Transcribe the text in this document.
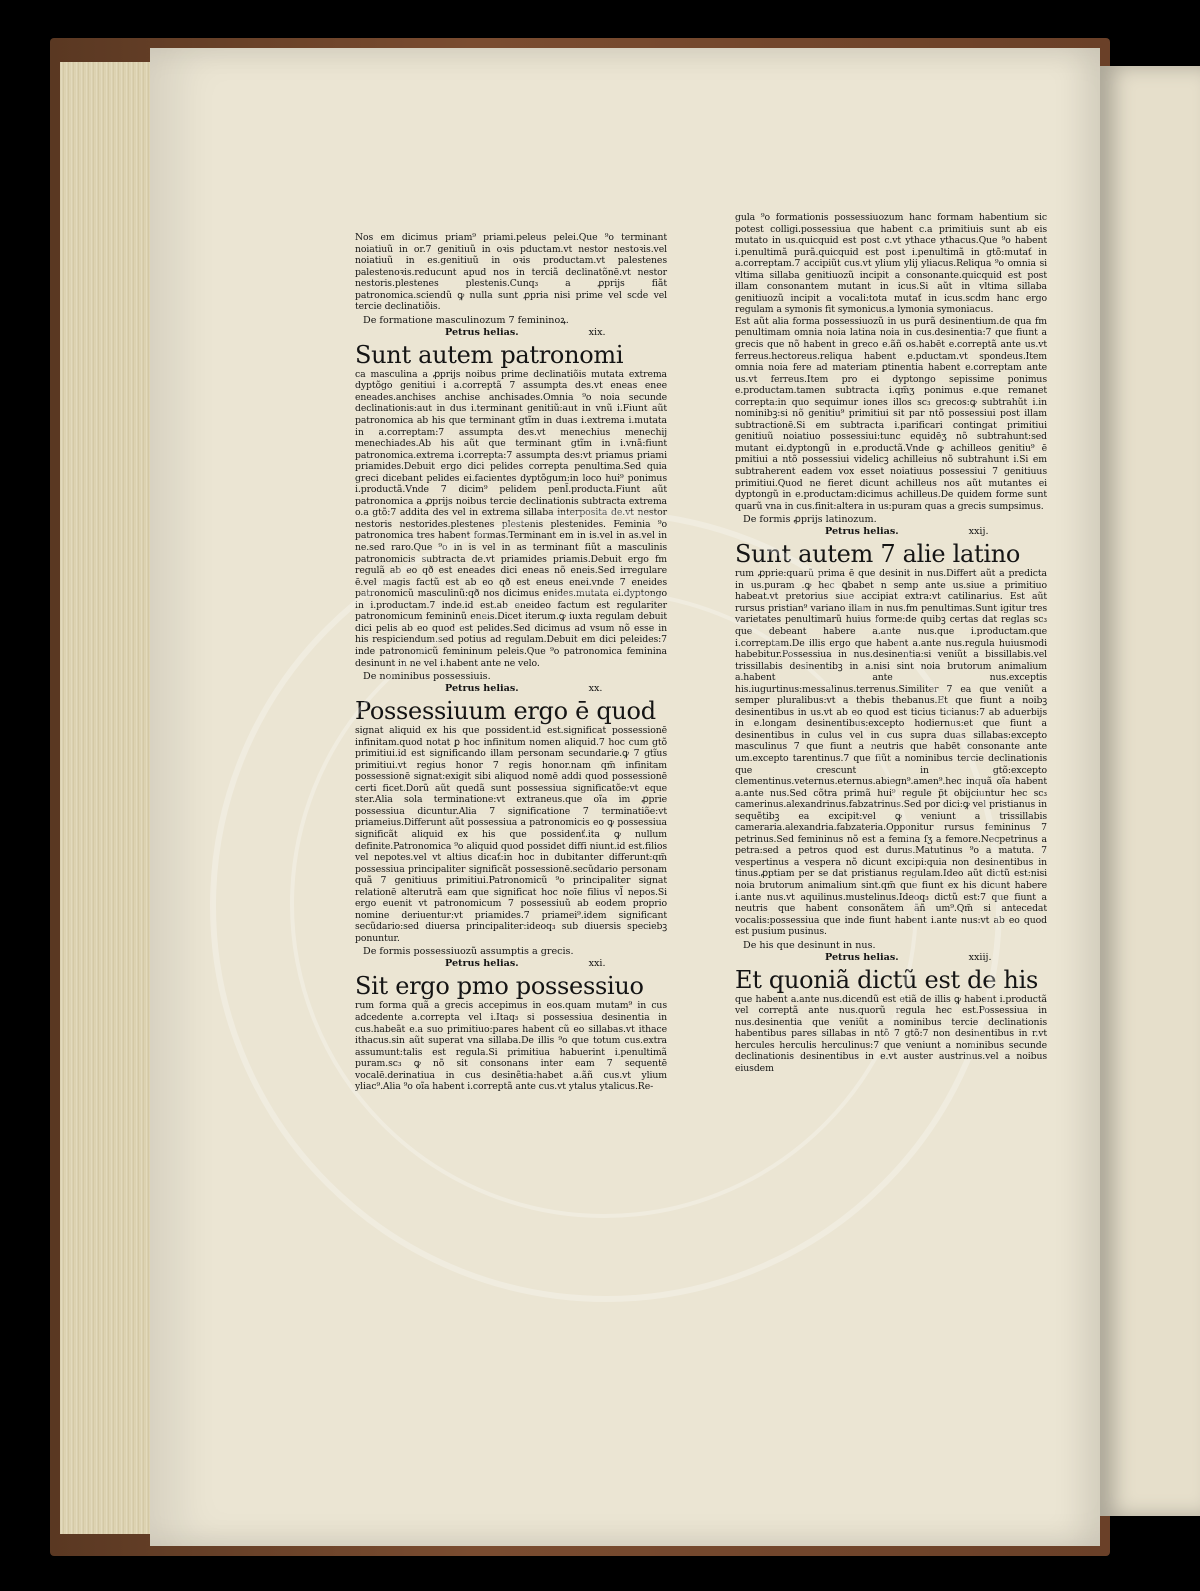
Nos em dicimus priam⁹ priami.peleus pelei.Que ⁹o terminant noiatiuũ in or.7 genitiuũ in oꝛis pductam.vt nestor nestoꝛis.vel noiatiuũ in es.genitiuũ in oꝛis productam.vt palestenes palestenoꝛis.reducunt apud nos in terciã declinatõnē.vt nestor nestoris.plestenes plestenis.Cunq₃ a ꝓprijs fiãt patronomica.sciendũ ꝙ nulla sunt ꝓpria nisi prime vel scḋe vel tercie declinatiõis.

De formatione masculinozum 7 femininoꝝ.
Petrus helias.	xix.
Sunt autem patronomi

ca masculina a ꝓprijs noibus prime declinatiõis mutata extrema dyptõgo genitiui i a.correptã 7 assumpta des.vt eneas enee eneades.anchises anchise anchisades.Omnia ⁹o noia secunde declinationis:aut in dus i.terminant genitiũ:aut in vnũ i.Fiunt aũt patronomica ab his que terminant gtĩm in duas i.extrema i.mutata in a.correptam:7 assumpta des.vt menechius menechij menechiades.Ab his aũt que terminant gtĩm in i.vnã:fiunt patronomica.extrema i.correpta:7 assumpta des:vt priamus priami priamides.Debuit ergo dici pelides correpta penultima.Sed quia greci dicebant pelides ei.facientes dyptõgum:in loco hui⁹ ponimus i.productã.Vnde 7 dicim⁹ pelidem penl̃.producta.Fiunt aũt patronomica a ꝓprijs noibus tercie declinationis subtracta extrema o.a gtõ:7 addita des vel in extrema sillaba interposita de.vt nestor nestoris nestorides.plestenes plestenis plestenides. Feminia ⁹o patronomica tres habent formas.Terminant em in is.vel in as.vel in ne.sed raro.Que ⁹o in is vel in as terminant fiũt a masculinis patronomicis subtracta de.vt priamides priamis.Debuit ergo fm regulã ab eo qð est eneades dici eneas nõ eneis.Sed irregulare ē.vel magis factũ est ab eo qð est eneus enei.vnde 7 eneides patronomicũ masculinũ:qð nos dicimus enides.mutata ei.dyptongo in i.productam.7 inde.id est.ab eneideo factum est regulariter patronomicum femininũ eneis.Dicet iterum.ꝙ iuxta regulam debuit dici pelis ab eo quod est pelides.Sed dicimus ad vsum nõ esse in his respiciendum.sed potius ad regulam.Debuit em dici peleides:7 inde patronomicũ femininum peleis.Que ⁹o patronomica feminina desinunt in ne vel i.habent ante ne velo.

De nominibus possessiuis.
Petrus helias.	xx.
Possessiuum ergo ē quod

signat aliquid ex his que possident.id est.significat possessionē infinitam.quod notat ꝑ hoc infinitum nomen aliquid.7 hoc cum gtõ primitiui.id est significando illam personam secundarie.ꝙ 7 gtĩus primitiui.vt regius honor 7 regis honor.nam qm̃ infinitam possessionē signat:exigit sibi aliquod nomē addi quod possessionē certi ficet.Dorũ aũt quedã sunt possessiua significatõe:vt eque ster.Alia sola terminatione:vt extraneus.que oĩa im ꝓprie possessiua dicuntur.Alia 7 significatione 7 terminatiõe:vt priameius.Differunt aũt possessiua a patronomicis eo ꝙ possessiua significãt aliquid ex his que possidenť.ita ꝙ nullum definite.Patronomica ⁹o aliquid quod possidet diffi niunt.id est.filios vel nepotes.vel vt altius dicať:in hoc in dubitanter differunt:qm̃ possessiua principaliter significãt possessionē.secũdario personam quã 7 genitiuus primitiui.Patronomicũ ⁹o principaliter signat relationē alterutrã eam que significat hoc noīe filius vl̃ nepos.Si ergo euenit vt patronomicum 7 possessiuũ ab eodem proprio nomine deriuentur:vt priamides.7 priamei⁹.idem significant secũdario:sed diuersa principaliter:ideoq₃ sub diuersis speciebꝫ ponuntur.

De formis possessiuozũ assumptis a grecis.
Petrus helias.	xxi.
Sit ergo pmo possessiuo

rum forma quã a grecis accepimus in eos.quam mutam⁹ in cus adcedente a.correpta vel i.Itaq₃ si possessiua desinentia in cus.habeãt e.a suo primitiuo:pares habent cũ eo sillabas.vt ithace ithacus.sin aũt superat vna sillaba.De illis ⁹o que totum cus.extra assumunt:talis est regula.Si primitiua habuerint i.penultimã puram.sc₃ ꝙ nõ sit consonans inter eam 7 sequentē vocalē.derinatiua in cus desinẽtia:habet a.ãñ cus.vt ylium yliac⁹.Alia ⁹o oĩa habent i.correptã ante cus.vt ytalus ytalicus.Re-

gula ⁹o formationis possessiuozum hanc formam habentium sic potest colligi.possessiua que habent c.a primitiuis sunt ab eis mutato in us.quicquid est post c.vt ythace ythacus.Que ⁹o habent i.penultimã purã.quicquid est post i.penultimã in gtõ:mutať in a.correptam.7 accipiũt cus.vt ylium ylij yliacus.Reliqua ⁹o omnia si vltima sillaba genitiuozũ incipit a consonante.quicquid est post illam consonantem mutant in icus.Si aũt in vltima sillaba genitiuozũ incipit a vocali:tota mutať in icus.scḋm hanc ergo regulam a symonis fit symonicus.a lymonia symoniacus.

Est aũt alia forma possessiuozũ in us purã desinentium.de qua fm penultimam omnia noia latina noia in cus.desinentia:7 que fiunt a grecis que nõ habent in greco e.ãñ os.habēt e.correptã ante us.vt ferreus.hectoreus.reliqua habent e.pductam.vt spondeus.Item omnia noia fere ad materiam ꝑtinentia habent e.correptam ante us.vt ferreus.Item pro ei dyptongo sepissime ponimus e.productam.tamen subtracta i.qm̃ʒ ponimus e.que remanet correpta:in quo sequimur iones illos sc₃ grecos:ꝙ subtrahũt i.in nominibꝫ:si nõ genitiu⁹ primitiui sit par ntõ possessiui post illam subtractionē.Si em subtracta i.parificari contingat primitiui genitiuũ noiatiuo possessiui:tunc equidēʒ nõ subtrahunt:sed mutant ei.dyptongũ in e.productã.Vnde ꝙ achilleos genitiu⁹ ē pmitiui a ntõ possessiui videlicꝫ achilleius nõ subtrahunt i.Si em subtraherent eadem vox esset noiatiuus possessiui 7 genitiuus primitiui.Quod ne fieret dicunt achilleus nos aũt mutantes ei dyptongũ in e.productam:dicimus achilleus.De quidem forme sunt quarũ vna in cus.finit:altera in us:puram quas a grecis sumpsimus.

De formis ꝓprijs latinozum.
Petrus helias.	xxij.
Sunt autem 7 alie latino

rum ꝓprie:quarũ prima ē que desinit in nus.Differt aũt a predicta in us.puram .ꝙ hec ꝗbabet n semp ante us.siue a primitiuo habeat.vt pretorius siue accipiat extra:vt catilinarius. Est aũt rursus pristian⁹ variano illam in nus.fm penultimas.Sunt igitur tres varietates penultimarũ huius forme:de quibꝫ certas dat reglas sc₃ que debeant habere a.ante nus.que i.productam.que i.correptam.De illis ergo que habent a.ante nus.regula huiusmodi habebitur.Possessiua in nus.desinentia:si veniũt a bissillabis.vel trissillabis desinentibꝫ in a.nisi sint noia brutorum animalium a.habent ante nus.exceptis his.iugurtinus:messalinus.terrenus.Similiter 7 ea que veniũt a semper pluralibus:vt a thebis thebanus.Et que fiunt a noibꝫ desinentibus in us.vt ab eo quod est ticius ticianus:7 ab aduerbijs in e.longam desinentibus:excepto hodiernus:et que fiunt a desinentibus in culus vel in cus supra duas sillabas:excepto masculinus 7 que fiunt a neutris que habēt consonante ante um.excepto tarentinus.7 que fiũt a nominibus tercie declinationis que crescunt in gtõ:excepto clementinus.veternus.eternus.abiegn⁹.amen⁹.hec inquã oĩa habent a.ante nus.Sed cõtra primã hui⁹ regule p̃t obijciuntur hec sc₃ camerinus.alexandrinus.fabzatrinus.Sed por dici:ꝙ vel pristianus in sequẽtibꝫ ea excipit:vel ꝙ veniunt a trissillabis cameraria.alexandria.fabzateria.Opponitur rursus femininus 7 petrinus.Sed femininus nõ est a femina ſʒ a femore.Necpetrinus a petra:sed a petros quod est durus.Matutinus ⁹o a matuta. 7 vespertinus a vespera nõ dicunt excipi:quia non desinentibus in tinus.ꝓptiam per se dat pristianus regulam.Ideo aũt dictũ est:nisi noia brutorum animalium sint.qm̃ que fiunt ex his dicunt habere i.ante nus.vt aquilinus.mustelinus.Ideoq₃ dictũ est:7 que fiunt a neutris que habent consonãtem ãñ um⁹.Qm̃ si antecedat vocalis:possessiua que inde fiunt habent i.ante nus:vt ab eo quod est pusium pusinus.

De his que desinunt in nus.
Petrus helias.	xxiij.
Et quoniã dictũ est de his

que habent a.ante nus.dicendũ est etiã de illis ꝙ habent i.productã vel correptã ante nus.quorũ regula hec est.Possessiua in nus.desinentia que veniũt a nominibus tercie declinationis habentibus pares sillabas in ntõ 7 gtõ:7 non desinentibus in r.vt hercules herculis herculinus:7 que veniunt a nominibus secunde declinationis desinentibus in e.vt auster austrinus.vel a noibus eiusdem
